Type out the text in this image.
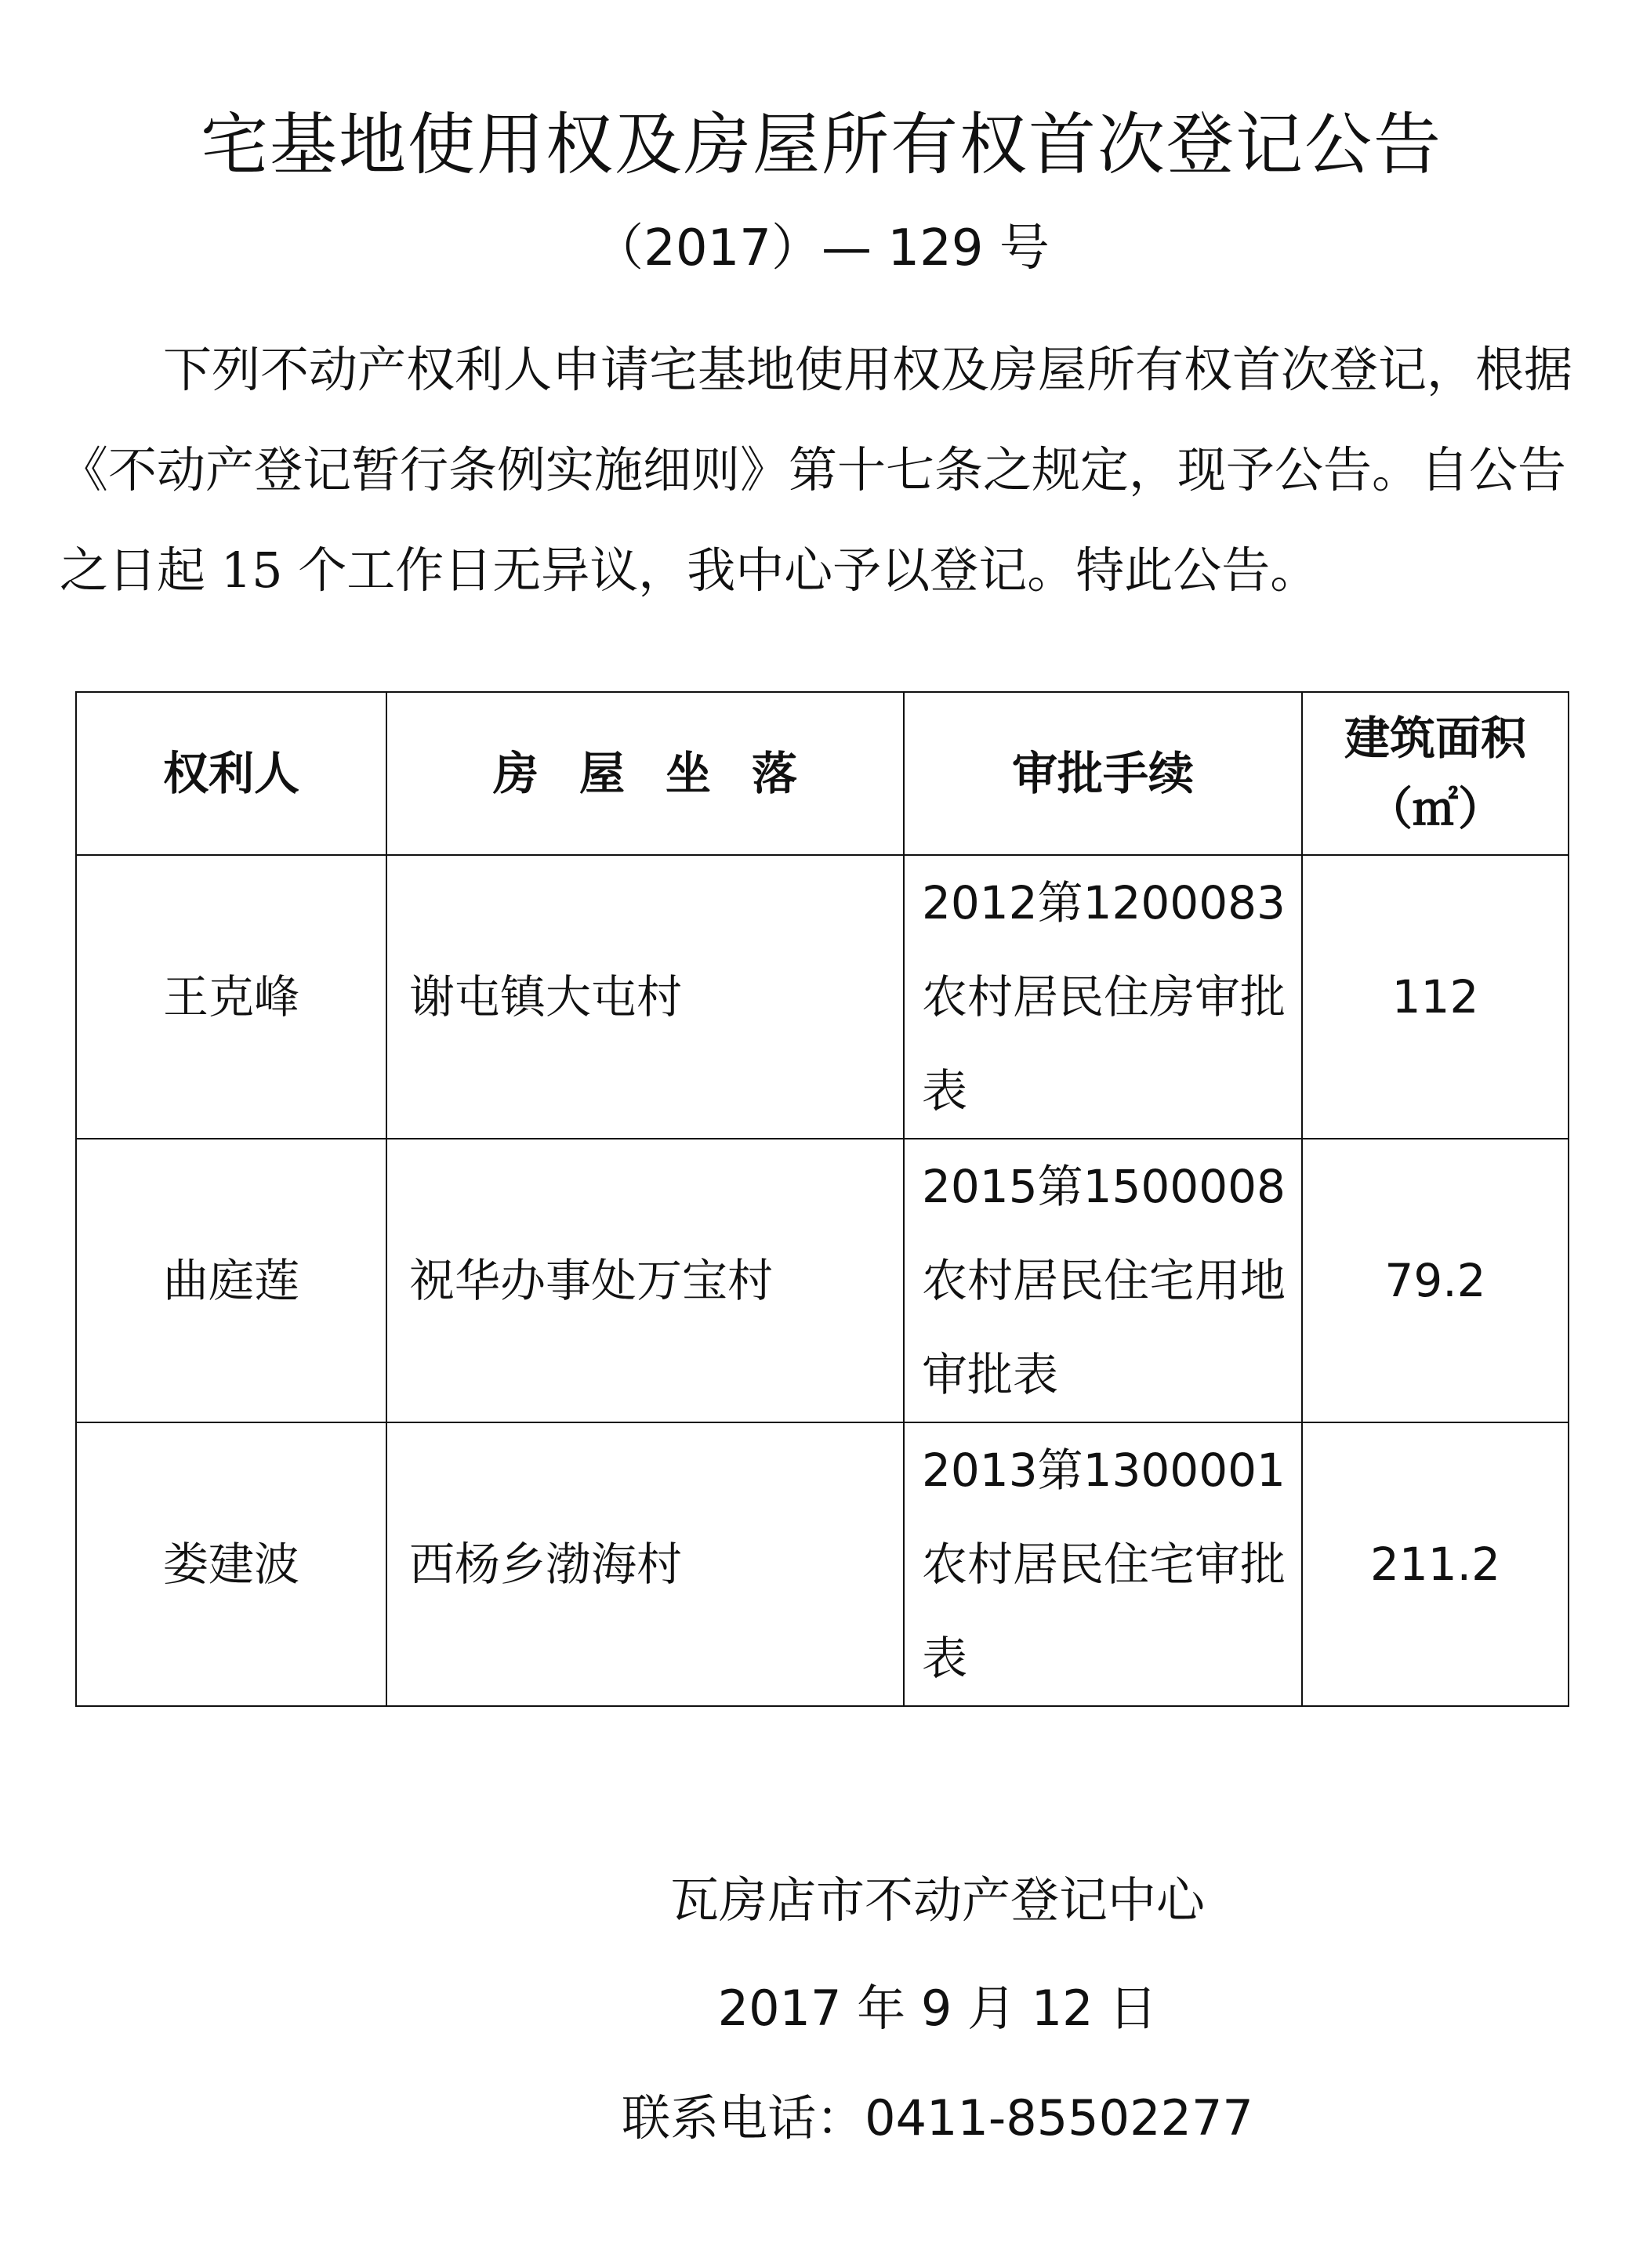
宅基地使用权及房屋所有权首次登记公告
（2017）— 129 号

下列不动产权利人申请宅基地使用权及房屋所有权首次登记，根据《不动产登记暂行条例实施细则》第十七条之规定，现予公告。自公告之日起 15 个工作日无异议，我中心予以登记。特此公告。

权利人	房屋坐落	审批手续	建筑面积
（㎡）

王克峰	谢屯镇大屯村	2012第1200083农村居民住房审批表	112
曲庭莲	祝华办事处万宝村	2015第1500008农村居民住宅用地审批表	79.2
娄建波	西杨乡渤海村	2013第1300001农村居民住宅审批表	211.2
瓦房店市不动产登记中心
2017 年 9 月 12 日
联系电话：0411-85502277
